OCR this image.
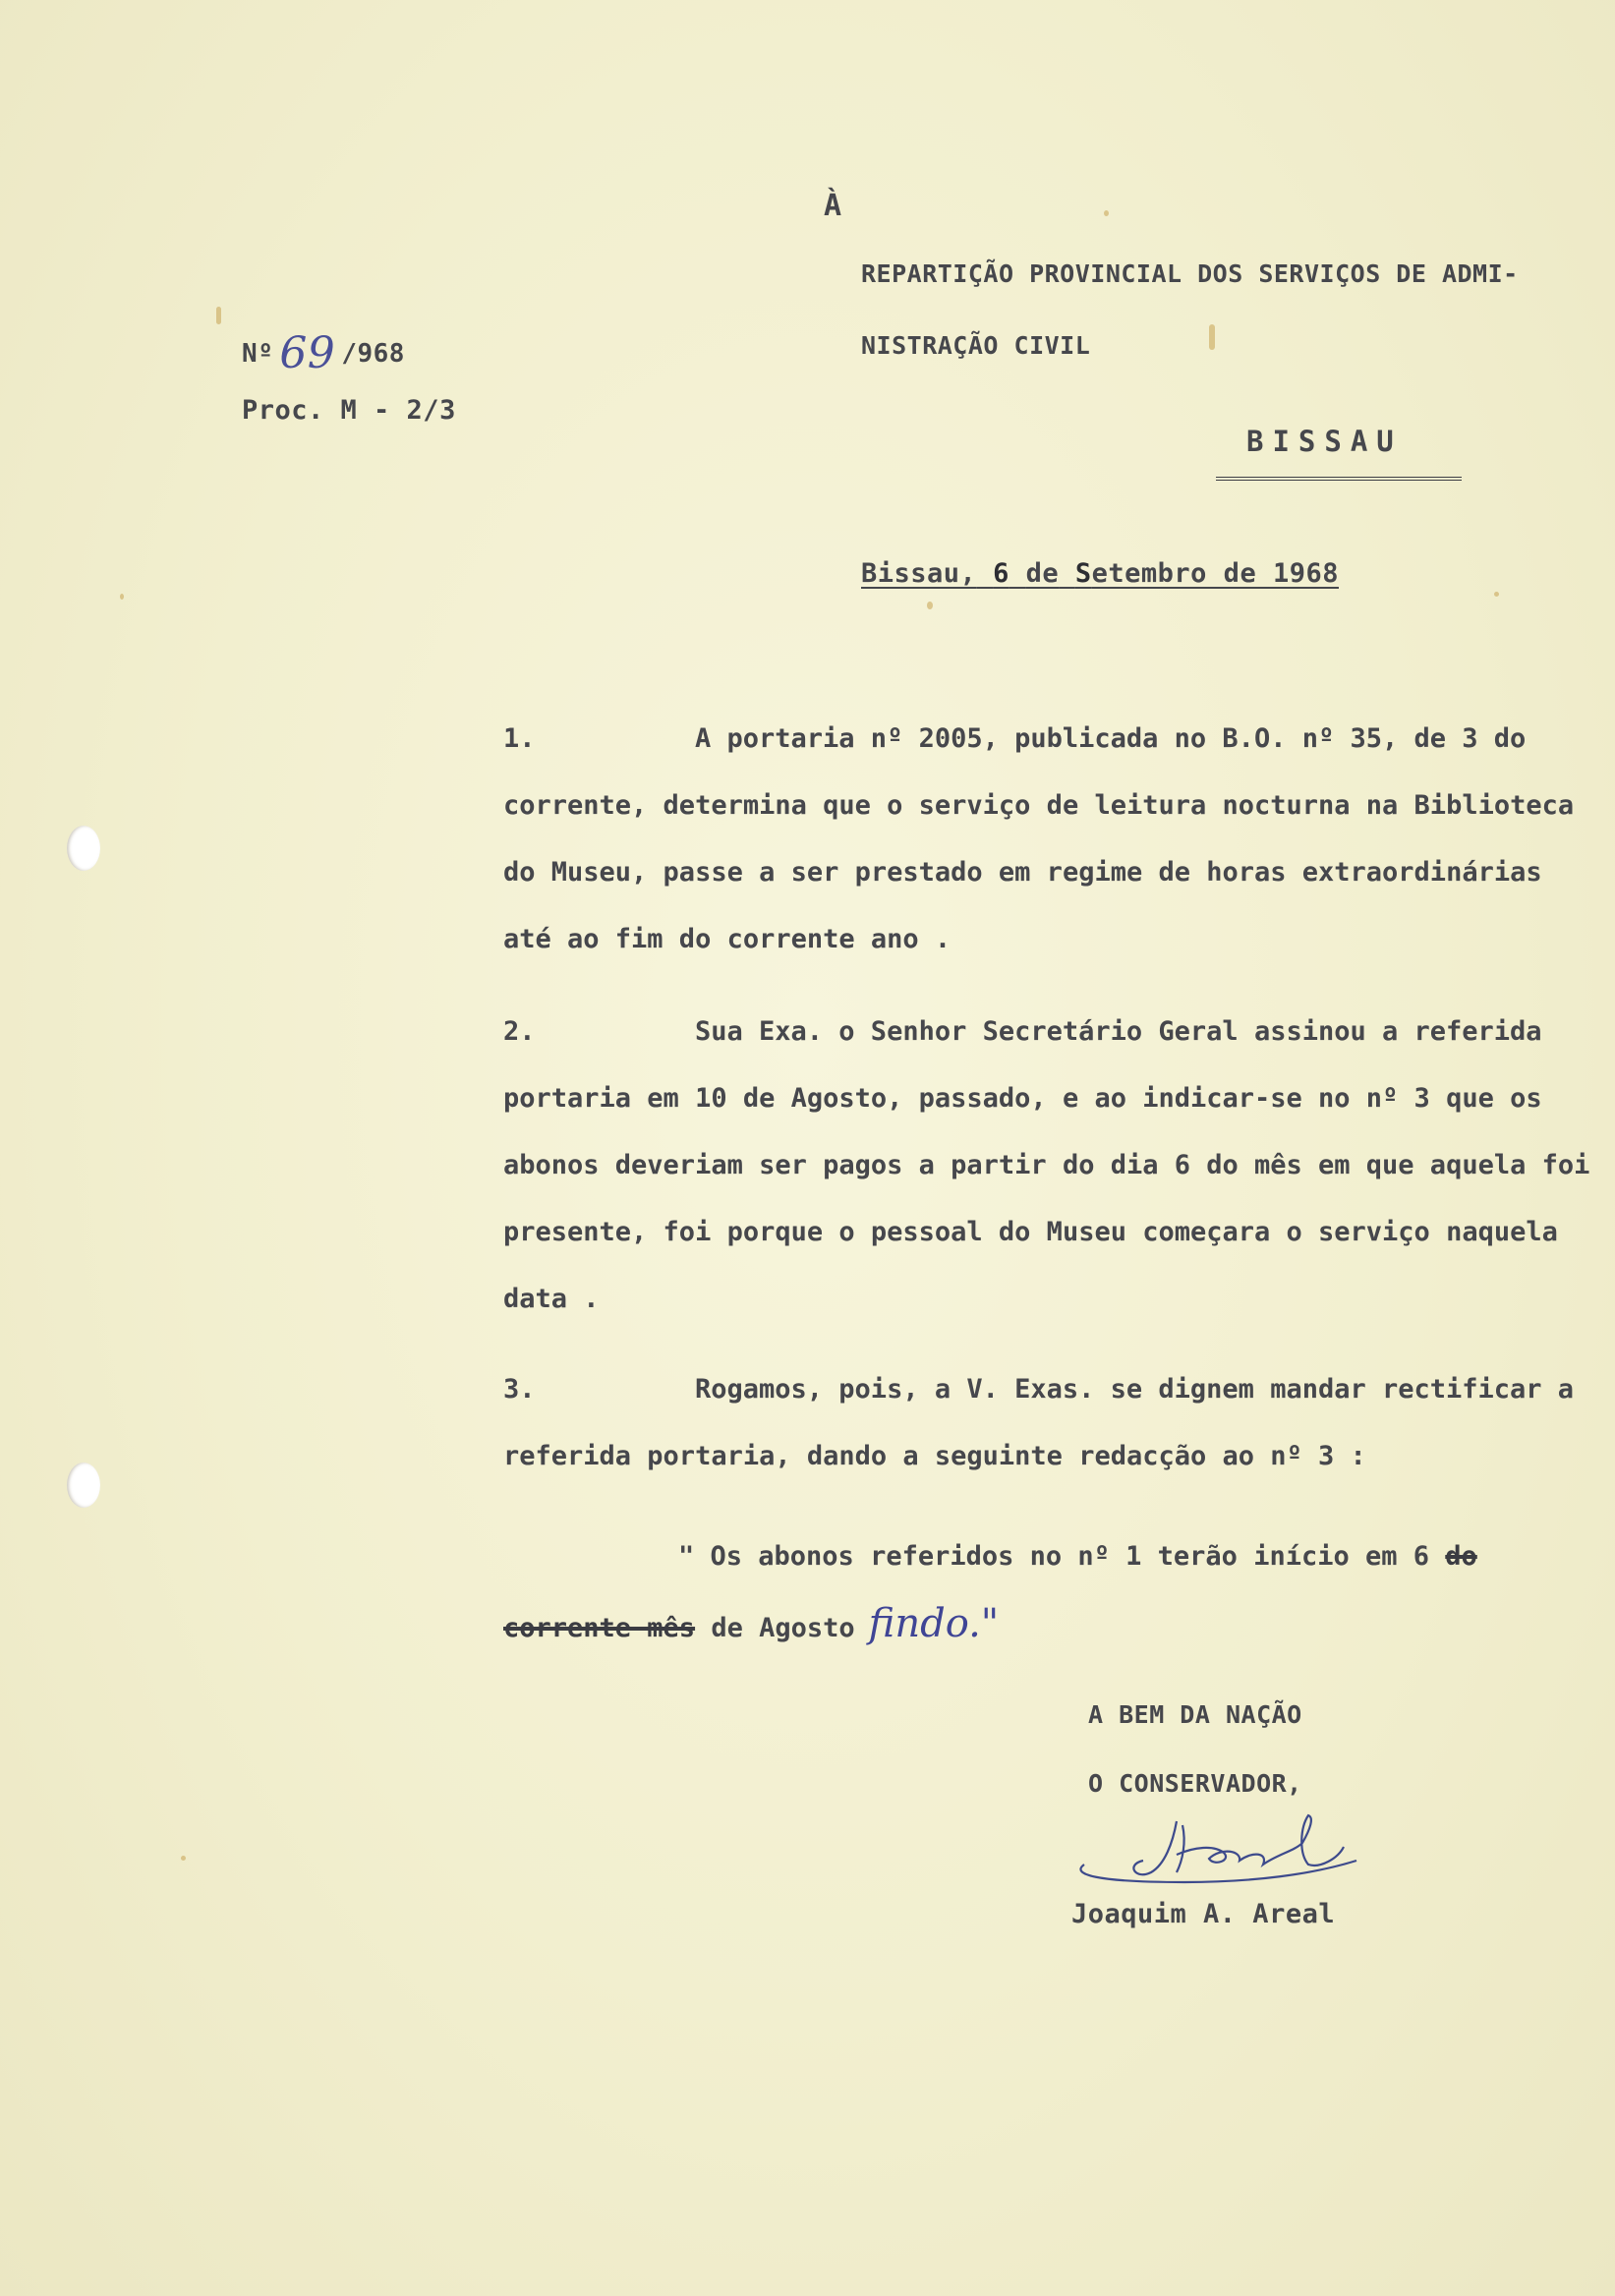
À
REPARTIÇÃO PROVINCIAL DOS SERVIÇOS DE ADMI-
NISTRAÇÃO CIVIL
BISSAU
Nº 69 /968
Proc. M - 2/3
Bissau, 6 de Setembro de 1968
1.	A portaria nº 2005, publicada no B.O. nº 35, de 3 do corrente, determina que o serviço de leitura nocturna na Biblioteca do Museu, passe a ser prestado em regime de horas extraordinárias até ao fim do corrente ano .
2.	Sua Exa. o Senhor Secretário Geral assinou a referida portaria em 10 de Agosto, passado, e ao indicar-se no nº 3 que os abonos deveriam ser pagos a partir do dia 6 do mês em que aquela foi presente, foi porque o pessoal do Museu começara o serviço naquela data .
3.	Rogamos, pois, a V. Exas. se dignem mandar rectificar a referida portaria, dando a seguinte redacção ao nº 3 :
" Os abonos referidos no nº 1 terão início em 6 do corrente mês de Agosto findo."
A BEM DA NAÇÃO
O CONSERVADOR,
Joaquim A. Areal
